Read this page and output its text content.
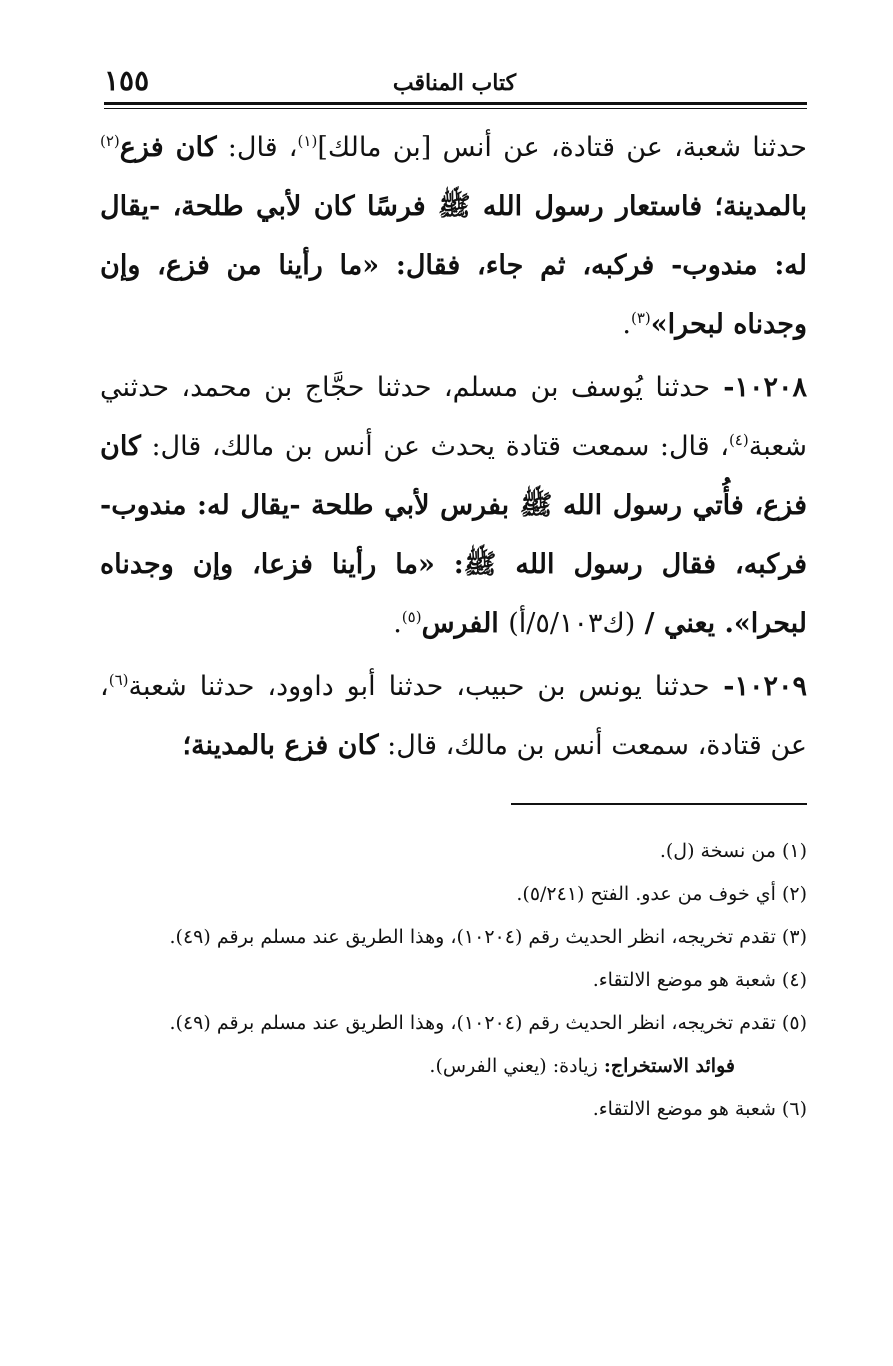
١٥٥	كتاب المناقب

حدثنا شعبة، عن قتادة، عن أنس [بن مالك]$^{(١)}$، قال: كان فزع$^{(٢)}$ بالمدينة؛ فاستعار رسول الله ﷺ فرسًا كان لأبي طلحة، -يقال له: مندوب- فركبه، ثم جاء، فقال: «ما رأينا من فزع، وإن وجدناه لبحرا»$^{(٣)}$.

١٠٢٠٨- حدثنا يُوسف بن مسلم، حدثنا حجَّاج بن محمد، حدثني شعبة$^{(٤)}$، قال: سمعت قتادة يحدث عن أنس بن مالك، قال: كان فزع، فأُتي رسول الله ﷺ بفرس لأبي طلحة -يقال له: مندوب- فركبه، فقال رسول الله ﷺ: «ما رأينا فزعا، وإن وجدناه لبحرا». يعني / (ك٥/١٠٣/أ) الفرس$^{(٥)}$.

١٠٢٠٩- حدثنا يونس بن حبيب، حدثنا أبو داوود، حدثنا شعبة$^{(٦)}$، عن قتادة، سمعت أنس بن مالك، قال: كان فزع بالمدينة؛

(١) من نسخة (ل).

(٢) أي خوف من عدو. الفتح (٥/٢٤١).

(٣) تقدم تخريجه، انظر الحديث رقم (١٠٢٠٤)، وهذا الطريق عند مسلم برقم (٤٩).

(٤) شعبة هو موضع الالتقاء.

(٥) تقدم تخريجه، انظر الحديث رقم (١٠٢٠٤)، وهذا الطريق عند مسلم برقم (٤٩).

فوائد الاستخراج: زيادة: (يعني الفرس).

(٦) شعبة هو موضع الالتقاء.
